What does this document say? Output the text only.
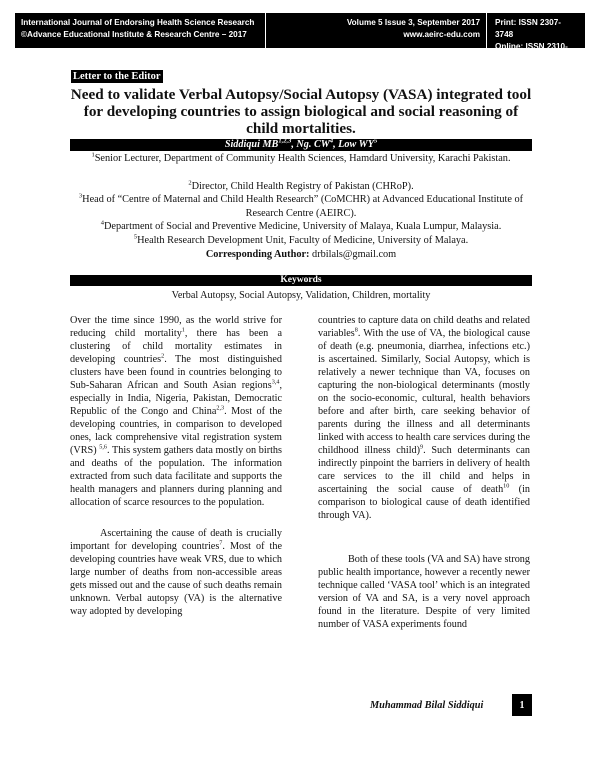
International Journal of Endorsing Health Science Research
©Advance Educational Institute & Research Centre – 2017
Volume 5 Issue 3, September 2017
www.aeirc-edu.com
Print: ISSN 2307-3748
Online: ISSN 2310-3841
Letter to the Editor
Need to validate Verbal Autopsy/Social Autopsy (VASA) integrated tool for developing countries to assign biological and social reasoning of child mortalities.
Siddiqui MB$^{1,2,3}$, Ng. $CW^4$, Low $WY^5$
$^1$Senior Lecturer, Department of Community Health Sciences, Hamdard University, Karachi Pakistan.
$^2$Director, Child Health Registry of Pakistan (CHRoP).
$^3$Head of “Centre of Maternal and Child Health Research” (CoMCHR) at Advanced Educational Institute of Research Centre (AEIRC).
$^4$Department of Social and Preventive Medicine, University of Malaya, Kuala Lumpur, Malaysia.
$^5$Health Research Development Unit, Faculty of Medicine, University of Malaya.
Corresponding Author: drbilals@gmail.com
Keywords
Verbal Autopsy, Social Autopsy, Validation, Children, mortality

Over the time since 1990, as the world strive for reducing child mortality$^1$, there has been a clustering of child mortality estimates in developing countries$^2$. The most distinguished clusters have been found in countries belonging to Sub-Saharan African and South Asian regions$^{3,4}$, especially in India, Nigeria, Pakistan, Democratic Republic of the Congo and China$^{2,3}$. Most of the developing countries, in comparison to developed ones, lack comprehensive vital registration system (VRS) $^{5,6}$. This system gathers data mostly on births and deaths of the population. The information extracted from such data facilitate and supports the health managers and planners during planning and allocation of scarce resources to the population.

Ascertaining the cause of death is crucially important for developing countries$^7$. Most of the developing countries have weak VRS, due to which large number of deaths from non-accessible areas gets missed out and the cause of such deaths remain unknown. Verbal autopsy (VA) is the alternative way adopted by developing

countries to capture data on child deaths and related variables$^8$. With the use of VA, the biological cause of death (e.g. pneumonia, diarrhea, infections etc.) is ascertained. Similarly, Social Autopsy, which is relatively a newer technique than VA, focuses on capturing the non-biological determinants (mostly on the socio-economic, cultural, health behaviors before and after birth, care seeking behavior of parents during the illness and all determinants linked with access to health care services during the childhood illness child)$^9$. Such determinants can indirectly pinpoint the barriers in delivery of health care services to the ill child and helps in ascertaining the social cause of death$^{10}$ (in comparison to biological cause of death identified through VA).

Both of these tools (VA and SA) have strong public health importance, however a recently newer technique called ‘VASA tool’ which is an integrated version of VA and SA, is a very novel approach found in the literature. Despite of very limited number of VASA experiments found

Muhammad Bilal Siddiqui	1
